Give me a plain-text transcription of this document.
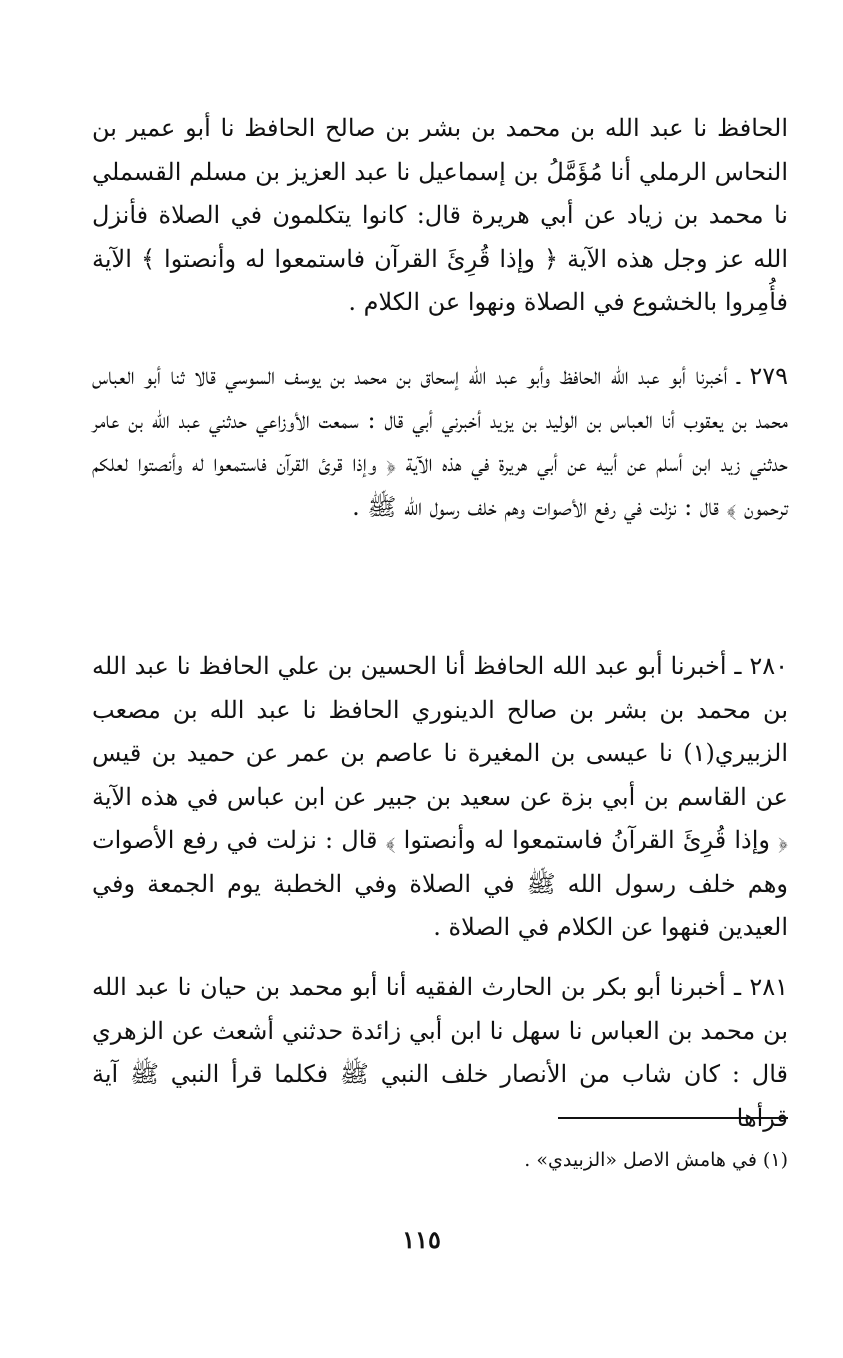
الحافظ نا عبد الله بن محمد بن بشر بن صالح الحافظ نا أبو عمير بن النحاس الرملي أنا مُؤَمَّلُ بن إسماعيل نا عبد العزيز بن مسلم القسملي نا محمد بن زياد عن أبي هريرة قال: كانوا يتكلمون في الصلاة فأنزل الله عز وجل هذه الآية ﴿ وإذا قُرِئَ القرآن فاستمعوا له وأنصتوا ﴾ الآية فأُمِروا بالخشوع في الصلاة ونهوا عن الكلام .
٢٧٩ ـ أخبرنا أبو عبد الله الحافظ وأبو عبد الله إسحاق بن محمد بن يوسف السوسي قالا ثنا أبو العباس محمد بن يعقوب أنا العباس بن الوليد بن يزيد أخبرني أبي قال : سمعت الأوزاعي حدثني عبد الله بن عامر حدثني زيد ابن أسلم عن أبيه عن أبي هريرة في هذه الآية ﴿ وإذا قرئ القرآن فاستمعوا له وأنصتوا لعلكم ترحمون ﴾ قال : نزلت في رفع الأصوات وهم خلف رسول الله ﷺ .
٢٨٠ ـ أخبرنا أبو عبد الله الحافظ أنا الحسين بن علي الحافظ نا عبد الله بن محمد بن بشر بن صالح الدينوري الحافظ نا عبد الله بن مصعب الزبيري(١) نا عيسى بن المغيرة نا عاصم بن عمر عن حميد بن قيس عن القاسم بن أبي بزة عن سعيد بن جبير عن ابن عباس في هذه الآية ﴿ وإذا قُرِئَ القرآنُ فاستمعوا له وأنصتوا ﴾ قال : نزلت في رفع الأصوات وهم خلف رسول الله ﷺ في الصلاة وفي الخطبة يوم الجمعة وفي العيدين فنهوا عن الكلام في الصلاة .
٢٨١ ـ أخبرنا أبو بكر بن الحارث الفقيه أنا أبو محمد بن حيان نا عبد الله بن محمد بن العباس نا سهل نا ابن أبي زائدة حدثني أشعث عن الزهري قال : كان شاب من الأنصار خلف النبي ﷺ فكلما قرأ النبي ﷺ آية قرأها
(١) في هامش الاصل «الزبيدي» .
١١٥
